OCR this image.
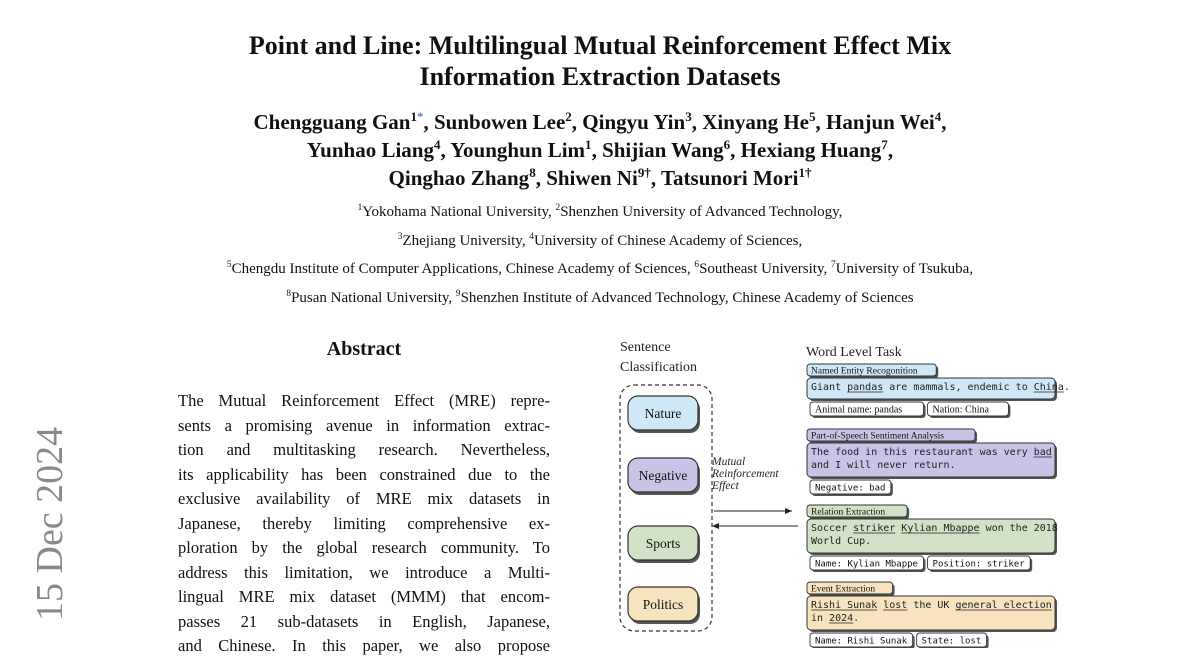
15 Dec 2024
Point and Line: Multilingual Mutual Reinforcement Effect Mix
Information Extraction Datasets
Chengguang Gan$^{1*}$, Sunbowen Lee$^2$, Qingyu Yin$^3$, Xinyang He$^5$, Hanjun Wei$^4$,
Yunhao Liang$^4$, Younghun Lim$^1$, Shijian Wang$^6$, Hexiang Huang$^7$,
Qinghao Zhang$^8$, Shiwen $Ni^{9\dagger}$, Tatsunori Mori$^{1\dagger}$
$^1$Yokohama National University, $^2$Shenzhen University of Advanced Technology,
$^3$Zhejiang University, $^4$University of Chinese Academy of Sciences,
$^5$Chengdu Institute of Computer Applications, Chinese Academy of Sciences, $^6$Southeast University, $^7$University of Tsukuba,
$^8$Pusan National University, $^9$Shenzhen Institute of Advanced Technology, Chinese Academy of Sciences
Abstract
The Mutual Reinforcement Effect (MRE) repre-
sents a promising avenue in information extrac-
tion and multitasking research. Nevertheless,
its applicability has been constrained due to the
exclusive availability of MRE mix datasets in
Japanese, thereby limiting comprehensive ex-
ploration by the global research community. To
address this limitation, we introduce a Multi-
lingual MRE mix dataset (MMM) that encom-
passes 21 sub-datasets in English, Japanese,
and Chinese. In this paper, we also propose
Sentence
Classification
Word Level Task
Nature
Negative
Sports
Politics
Mutual
Reinforcement
Effect
Named Entity Recogonition
Giant pandas are mammals, endemic to China .
Animal name: pandas	Nation: China
Part-of-Speech Sentiment Analysis
The food in this restaurant was very bad
and I will never return.
Negative: bad
Relation Extraction
Soccer striker
Kylian Mbappe won the 2018
World Cup.
Name: Kylian Mbappe Position: striker
Event Extraction
Rishi Sunak
lost the UK general election
in 2024 .
Name: Rishi Sunak State: lost
